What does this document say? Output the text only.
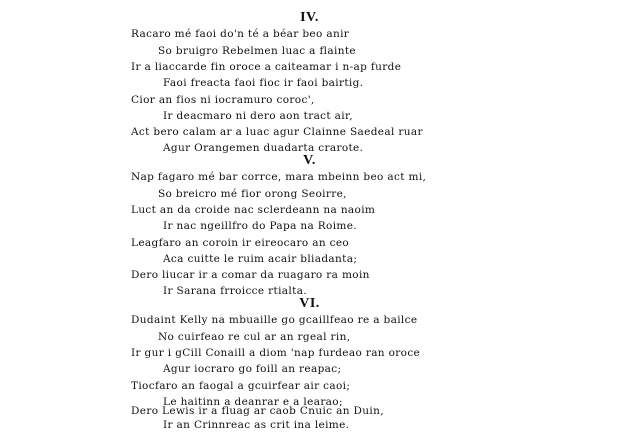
IV.
Racaro mé faoi do'n té a béar beo anir
So bruigro Rebelmen luac a flainte
Ir a liaccarde fin oroce a caiteamar i n-ap furde
Faoi freacta faoi fioc ir faoi bairtig.
Cior an fios ni iocramuro coroc',
Ir deacmaro ni dero aon tract air,
Act bero calam ar a luac agur Clainne Saedeal ruar
Agur Orangemen duadarta crarote.
V.
Nap fagaro mé bar corrce, mara mbeinn beo act mi,
So breicro mé fior orong Seoirre,
Luct an da croide nac sclerdeann na naoim
Ir nac ngeillfro do Papa na Roime.
Leagfaro an coroin ir eireocaro an ceo
Aca cuitte le ruim acair bliadanta;
Dero liucar ir a comar da ruagaro ra moin
Ir Sarana frroicce rtialta.
VI.
Dudaint Kelly na mbuaille go gcaillfeao re a bailce
No cuirfeao re cul ar an rgeal rin,
Ir gur i gCill Conaill a diom 'nap furdeao ran oroce
Agur iocraro go foill an reapac;
Tiocfaro an faogal a gcuirfear air caoi;
Le haitinn a deanrar e a learao;
Dero Lewis ir a fluag ar caob Cnuic an Duin,
Ir an Crinnreac as crit ina leime.
